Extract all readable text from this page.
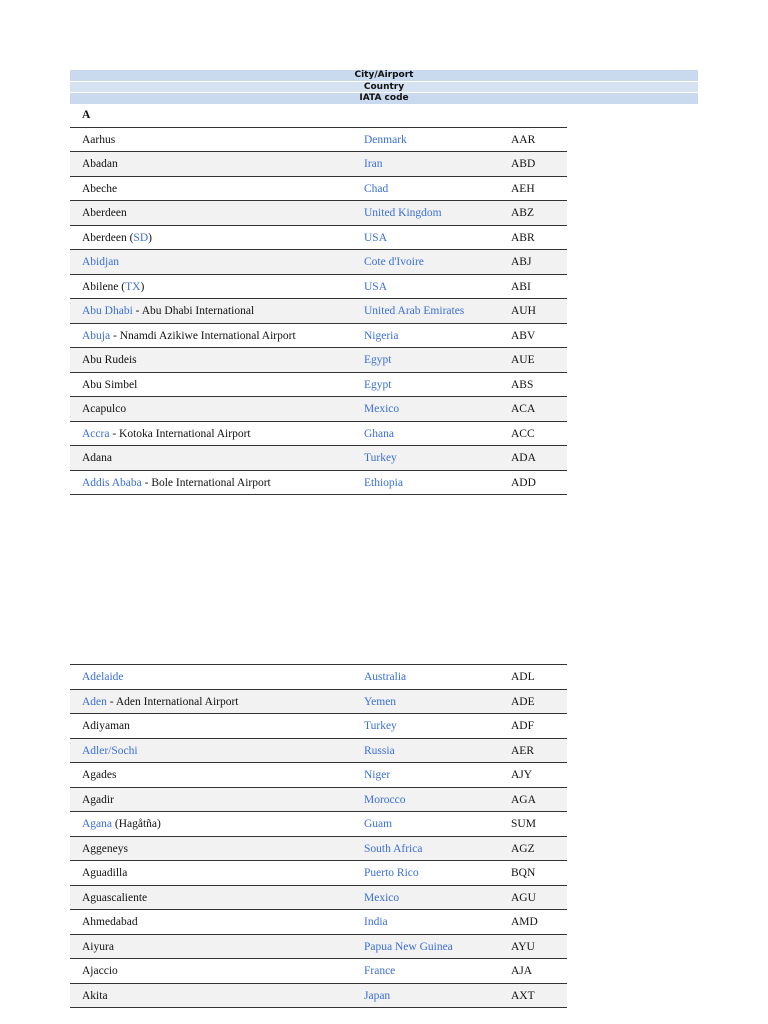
City/Airport
Country
IATA code
A
Aarhus	Denmark	AAR
Abadan	Iran	ABD
Abeche	Chad	AEH
Aberdeen	United Kingdom	ABZ
Aberdeen (SD)	USA	ABR
Abidjan	Cote d'Ivoire	ABJ
Abilene (TX)	USA	ABI
Abu Dhabi - Abu Dhabi International	United Arab Emirates	AUH
Abuja - Nnamdi Azikiwe International Airport	Nigeria	ABV
Abu Rudeis	Egypt	AUE
Abu Simbel	Egypt	ABS
Acapulco	Mexico	ACA
Accra - Kotoka International Airport	Ghana	ACC
Adana	Turkey	ADA
Addis Ababa - Bole International Airport	Ethiopia	ADD
Adelaide	Australia	ADL
Aden - Aden International Airport	Yemen	ADE
Adiyaman	Turkey	ADF
Adler/Sochi	Russia	AER
Agades	Niger	AJY
Agadir	Morocco	AGA
Agana (Hagåtña)	Guam	SUM
Aggeneys	South Africa	AGZ
Aguadilla	Puerto Rico	BQN
Aguascaliente	Mexico	AGU
Ahmedabad	India	AMD
Aiyura	Papua New Guinea	AYU
Ajaccio	France	AJA
Akita	Japan	AXT
